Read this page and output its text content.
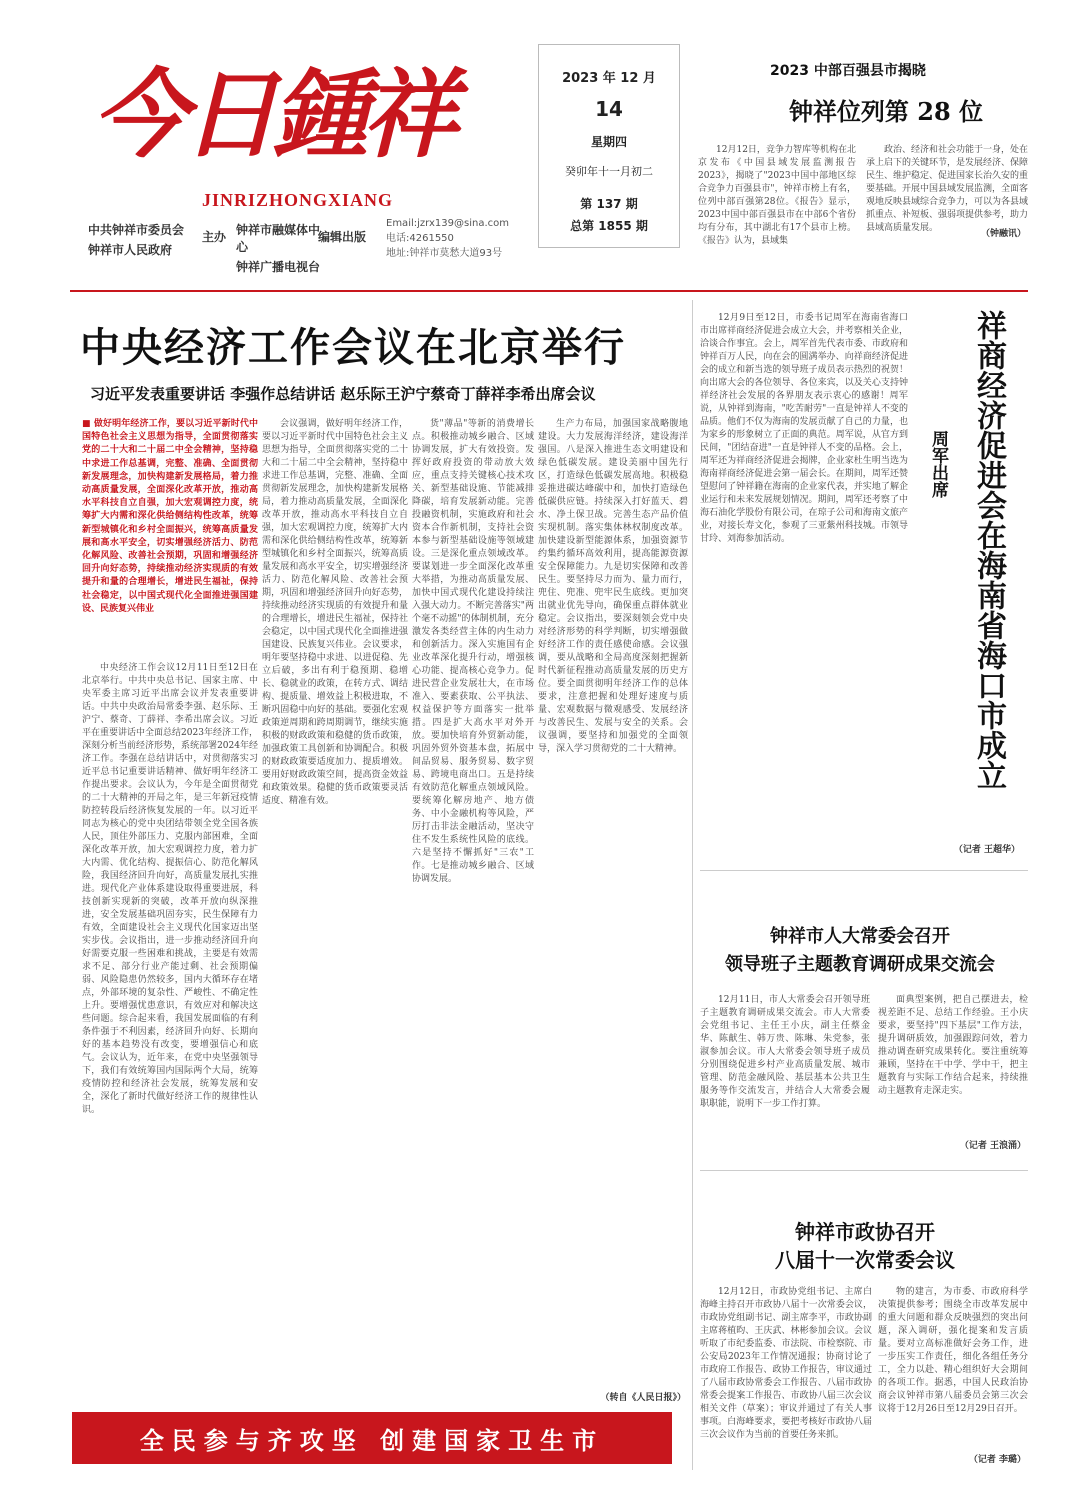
今日鍾祥
JINRIZHONGXIANG
中共钟祥市委员会
钟祥市人民政府
主办 钟祥市融媒体中心
钟祥广播电视台
编辑出版
Email:jzrx139@sina.com
电话:4261550
地址:钟祥市莫愁大道93号
2023 年 12 月
14
星期四
癸卯年十一月初二
第 137 期
总第 1855 期
2023 中部百强县市揭晓
钟祥位列第 28 位

12月12日，竞争力智库等机构在北京发布《中国县域发展监测报告2023》，揭晓了"2023中国中部地区综合竞争力百强县市"，钟祥市榜上有名，位列中部百强第28位。《报告》显示，2023中国中部百强县市在中部6个省份均有分布，其中湖北有17个县市上榜。《报告》认为，县域集

政治、经济和社会功能于一身，处在承上启下的关键环节，是发展经济、保障民生、维护稳定、促进国家长治久安的重要基础。开展中国县域发展监测，全面客观地反映县域综合竞争力，可以为各县域抓重点、补短板、强弱项提供参考，助力县域高质量发展。

（钟融讯）
中央经济工作会议在北京举行
习近平发表重要讲话 李强作总结讲话 赵乐际王沪宁蔡奇丁薛祥李希出席会议

■ 做好明年经济工作，要以习近平新时代中国特色社会主义思想为指导，全面贯彻落实党的二十大和二十届二中全会精神，坚持稳中求进工作总基调，完整、准确、全面贯彻新发展理念，加快构建新发展格局，着力推动高质量发展，全面深化改革开放，推动高水平科技自立自强，加大宏观调控力度，统筹扩大内需和深化供给侧结构性改革，统筹新型城镇化和乡村全面振兴，统筹高质量发展和高水平安全，切实增强经济活力、防范化解风险、改善社会预期，巩固和增强经济回升向好态势，持续推动经济实现质的有效提升和量的合理增长，增进民生福祉，保持社会稳定，以中国式现代化全面推进强国建设、民族复兴伟业

中央经济工作会议12月11日至12日在北京举行。中共中央总书记、国家主席、中央军委主席习近平出席会议并发表重要讲话。中共中央政治局常委李强、赵乐际、王沪宁、蔡奇、丁薛祥、李希出席会议。习近平在重要讲话中全面总结2023年经济工作，深刻分析当前经济形势，系统部署2024年经济工作。李强在总结讲话中，对贯彻落实习近平总书记重要讲话精神、做好明年经济工作提出要求。会议认为，今年是全面贯彻党的二十大精神的开局之年，是三年新冠疫情防控转段后经济恢复发展的一年。以习近平同志为核心的党中央团结带领全党全国各族人民，顶住外部压力、克服内部困难，全面深化改革开放，加大宏观调控力度，着力扩大内需、优化结构、提振信心、防范化解风险，我国经济回升向好，高质量发展扎实推进。现代化产业体系建设取得重要进展，科技创新实现新的突破，改革开放向纵深推进，安全发展基础巩固夯实，民生保障有力有效，全面建设社会主义现代化国家迈出坚实步伐。会议指出，进一步推动经济回升向好需要克服一些困难和挑战，主要是有效需求不足、部分行业产能过剩、社会预期偏弱、风险隐患仍然较多，国内大循环存在堵点，外部环境的复杂性、严峻性、不确定性上升。要增强忧患意识，有效应对和解决这些问题。综合起来看，我国发展面临的有利条件强于不利因素，经济回升向好、长期向好的基本趋势没有改变，要增强信心和底气。会议认为，近年来，在党中央坚强领导下，我们有效统筹国内国际两个大局，统筹疫情防控和经济社会发展，统筹发展和安全，深化了新时代做好经济工作的规律性认识。

会议强调，做好明年经济工作，要以习近平新时代中国特色社会主义思想为指导，全面贯彻落实党的二十大和二十届二中全会精神，坚持稳中求进工作总基调，完整、准确、全面贯彻新发展理念，加快构建新发展格局，着力推动高质量发展，全面深化改革开放，推动高水平科技自立自强，加大宏观调控力度，统筹扩大内需和深化供给侧结构性改革，统筹新型城镇化和乡村全面振兴，统筹高质量发展和高水平安全，切实增强经济活力、防范化解风险、改善社会预期，巩固和增强经济回升向好态势，持续推动经济实现质的有效提升和量的合理增长，增进民生福祉，保持社会稳定，以中国式现代化全面推进强国建设、民族复兴伟业。会议要求，明年要坚持稳中求进、以进促稳、先立后破，多出有利于稳预期、稳增长、稳就业的政策，在转方式、调结构、提质量、增效益上积极进取，不断巩固稳中向好的基础。要强化宏观政策逆周期和跨周期调节，继续实施积极的财政政策和稳健的货币政策，加强政策工具创新和协调配合。积极的财政政策要适度加力、提质增效。要用好财政政策空间，提高资金效益和政策效果。稳健的货币政策要灵活适度、精准有效。

货"薄品"等新的消费增长点。积极推动城乡融合、区域协调发展，扩大有效投资。发挥好政府投资的带动放大效应，重点支持关键核心技术攻关、新型基础设施、节能减排降碳，培育发展新动能。完善投融资机制，实施政府和社会资本合作新机制，支持社会资本参与新型基础设施等领域建设。三是深化重点领域改革。要谋划进一步全面深化改革重大举措，为推动高质量发展、加快中国式现代化建设持续注入强大动力。不断完善落实"两个毫不动摇"的体制机制，充分激发各类经营主体的内生动力和创新活力。深入实施国有企业改革深化提升行动，增强核心功能、提高核心竞争力。促进民营企业发展壮大，在市场准入、要素获取、公平执法、权益保护等方面落实一批举措。四是扩大高水平对外开放。要加快培育外贸新动能，巩固外贸外资基本盘，拓展中间品贸易、服务贸易、数字贸易、跨境电商出口。五是持续有效防范化解重点领域风险。要统筹化解房地产、地方债务、中小金融机构等风险，严厉打击非法金融活动，坚决守住不发生系统性风险的底线。六是坚持不懈抓好"三农"工作。七是推动城乡融合、区域协调发展。

生产力布局，加强国家战略腹地建设。大力发展海洋经济，建设海洋强国。八是深入推进生态文明建设和绿色低碳发展。建设美丽中国先行区，打造绿色低碳发展高地。积极稳妥推进碳达峰碳中和，加快打造绿色低碳供应链。持续深入打好蓝天、碧水、净土保卫战。完善生态产品价值实现机制。落实集体林权制度改革。加快建设新型能源体系，加强资源节约集约循环高效利用，提高能源资源安全保障能力。九是切实保障和改善民生。要坚持尽力而为、量力而行，兜住、兜准、兜牢民生底线。更加突出就业优先导向，确保重点群体就业稳定。会议指出，要深刻领会党中央对经济形势的科学判断，切实增强做好经济工作的责任感使命感。会议强调，要从战略和全局高度深刻把握新时代新征程推动高质量发展的历史方位。要全面贯彻明年经济工作的总体要求，注意把握和处理好速度与质量、宏观数据与微观感受、发展经济与改善民生、发展与安全的关系。会议强调，要坚持和加强党的全面领导，深入学习贯彻党的二十大精神。

（转自《人民日报》）

12月9日至12日，市委书记周军在海南省海口市出席祥商经济促进会成立大会，并考察相关企业，洽谈合作事宜。会上，周军首先代表市委、市政府和钟祥百万人民，向在会的圆满举办、向祥商经济促进会的成立和新当选的领导班子成员表示热烈的祝贺！向出席大会的各位领导、各位来宾，以及关心支持钟祥经济社会发展的各界朋友表示衷心的感谢！周军说，从钟祥到海南，"吃苦耐劳"一直是钟祥人不变的品质。他们不仅为海南的发展贡献了自己的力量，也为家乡的形象树立了正面的典范。周军说，从官方到民间，"团结奋进"一直是钟祥人不变的品格。会上，周军还为祥商经济促进会揭牌，企业家杜生明当选为海南祥商经济促进会第一届会长。在期间，周军还赞望慰问了钟祥籍在海南的企业家代表，并实地了解企业运行和未来发展规划情况。期间，周军还考察了中海石油化学股份有限公司，在琼子公司和海南文旅产业，对接长寿文化，参观了三亚紫州科技城。市领导甘玲、刘海参加活动。	祥商经济促进会在海南省海口市成立
周军出席
（记者 王超华）
钟祥市人大常委会召开
领导班子主题教育调研成果交流会

12月11日，市人大常委会召开领导班子主题教育调研成果交流会。市人大常委会党组书记、主任王小庆，副主任蔡金华、陈献生、韩万贵、陈琳、朱党参，张淑参加会议。市人大常委会领导班子成员分别围绕促进乡村产业高质量发展、城市管理、防范金融风险、基层基本公共卫生服务等作交流发言，并结合人大常委会履职职能，说明下一步工作打算。

面典型案例，把自己摆进去，检视差距不足、总结工作经验。王小庆要求，要坚持"四下基层"工作方法，提升调研质效，加强跟踪问效，着力推动调查研究成果转化。要注重统筹兼顾，坚持在干中学、学中干，把主题教育与实际工作结合起来，持续推动主题教育走深走实。

（记者 王浪涌）
钟祥市政协召开
八届十一次常委会议

12月12日，市政协党组书记、主席白海峰主持召开市政协八届十一次常委会议，市政协党组副书记、副主席李平，市政协副主席蒋植昀、王庆武、林彬参加会议。会议听取了市纪委监委、市法院、市检察院、市公安局2023年工作情况通报；协商讨论了市政府工作报告、政协工作报告，审议通过了八届市政协常委会工作报告、八届市政协常委会提案工作报告、市政协八届三次会议相关文件（草案）；审议并通过了有关人事事项。白海峰要求，要把考核好市政协八届三次会议作为当前的首要任务来抓。

物的建言，为市委、市政府科学决策提供参考；围绕全市改革发展中的重大问题和群众反映强烈的突出问题，深入调研，强化提案和发言质量。要对立高标准做好会务工作，进一步压实工作责任，细化各组任务分工，全力以赴、精心组织好大会期间的各项工作。据悉，中国人民政治协商会议钟祥市第八届委员会第三次会议将于12月26日至12月29日召开。

（记者 李璐）
全民参与齐攻坚 创建国家卫生市
